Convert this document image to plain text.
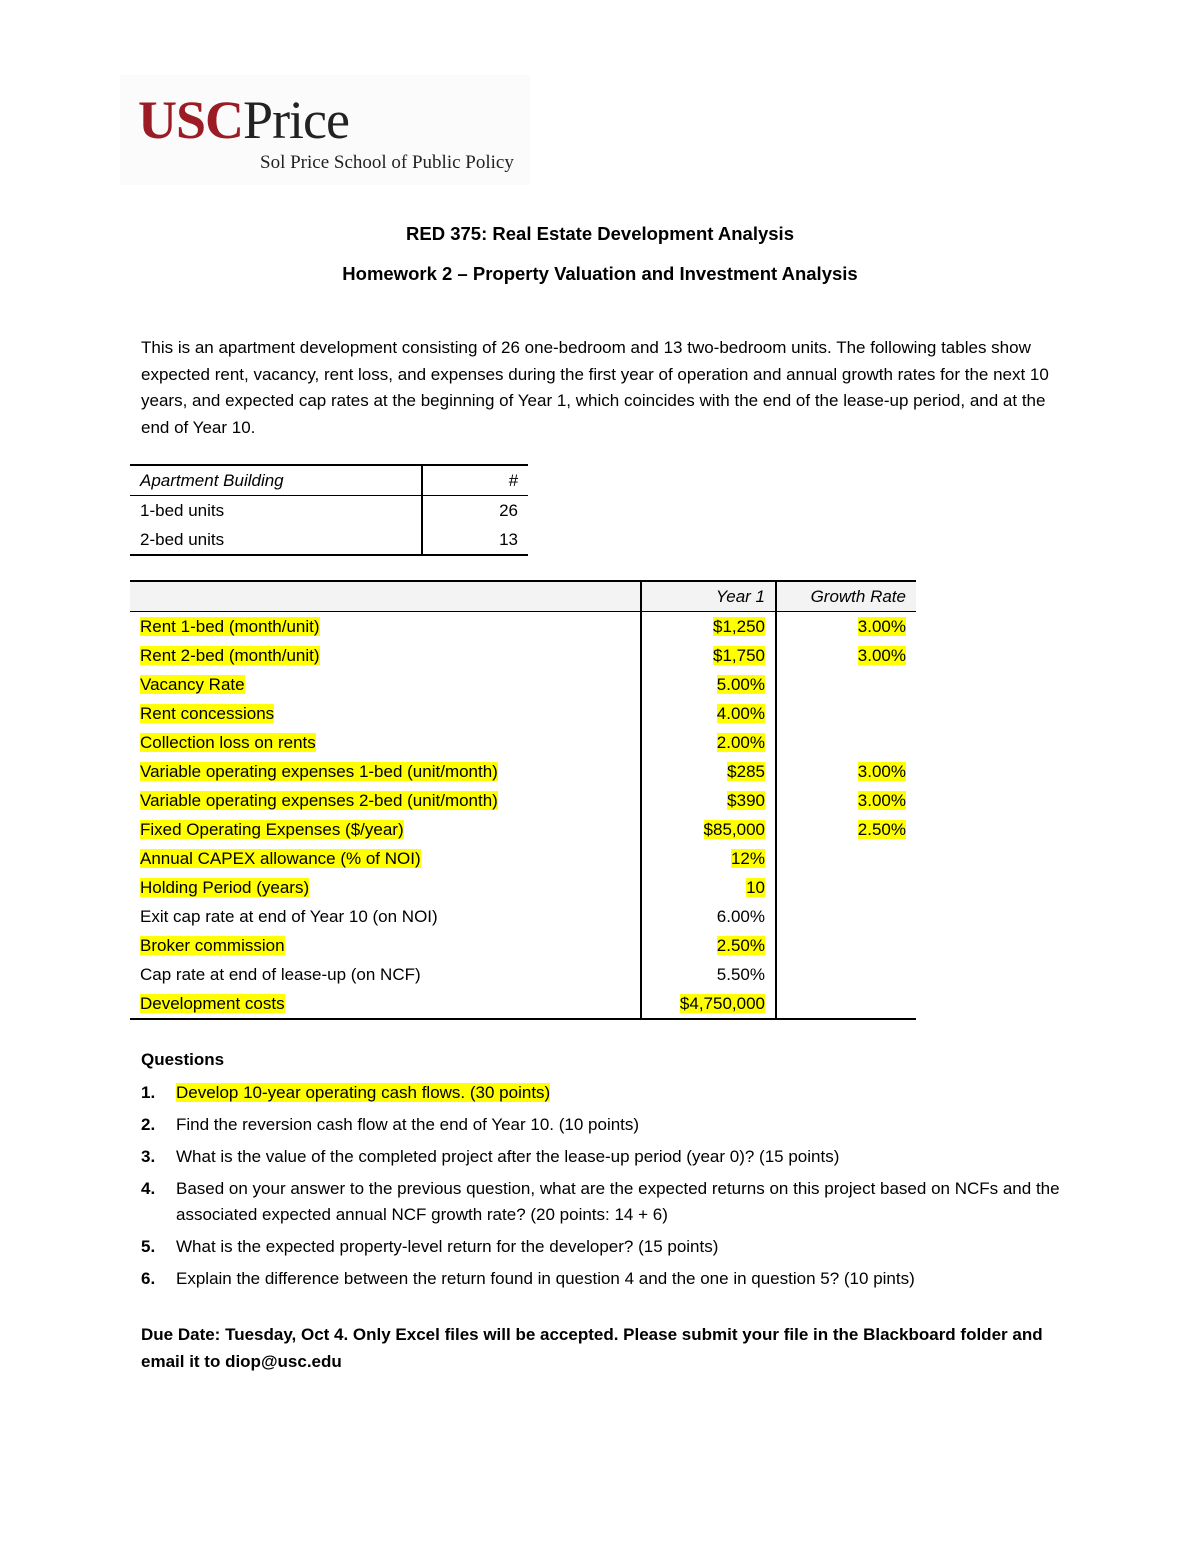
USCPrice
Sol Price School of Public Policy
RED 375: Real Estate Development Analysis
Homework 2 – Property Valuation and Investment Analysis
This is an apartment development consisting of 26 one-bedroom and 13 two-bedroom units. The following tables show expected rent, vacancy, rent loss, and expenses during the first year of operation and annual growth rates for the next 10 years, and expected cap rates at the beginning of Year 1, which coincides with the end of the lease-up period, and at the end of Year 10.
Apartment Building	#
1-bed units	26
2-bed units	13
	Year 1	Growth Rate
Rent 1-bed (month/unit)	$1,250	3.00%
Rent 2-bed (month/unit)	$1,750	3.00%
Vacancy Rate	5.00%	
Rent concessions	4.00%	
Collection loss on rents	2.00%	
Variable operating expenses 1-bed (unit/month)	$285	3.00%
Variable operating expenses 2-bed (unit/month)	$390	3.00%
Fixed Operating Expenses ($/year)	$85,000	2.50%
Annual CAPEX allowance (% of NOI)	12%	
Holding Period (years)	10	
Exit cap rate at end of Year 10 (on NOI)	6.00%	
Broker commission	2.50%	
Cap rate at end of lease-up (on NCF)	5.50%	
Development costs	$4,750,000	
Questions
1. Develop 10-year operating cash flows. (30 points)
2. Find the reversion cash flow at the end of Year 10. (10 points)
3. What is the value of the completed project after the lease-up period (year 0)? (15 points)
4. Based on your answer to the previous question, what are the expected returns on this project based on NCFs and the associated expected annual NCF growth rate? (20 points: 14 + 6)
5. What is the expected property-level return for the developer? (15 points)
6. Explain the difference between the return found in question 4 and the one in question 5? (10 pints)
Due Date: Tuesday, Oct 4. Only Excel files will be accepted. Please submit your file in the Blackboard folder and email it to diop@usc.edu
